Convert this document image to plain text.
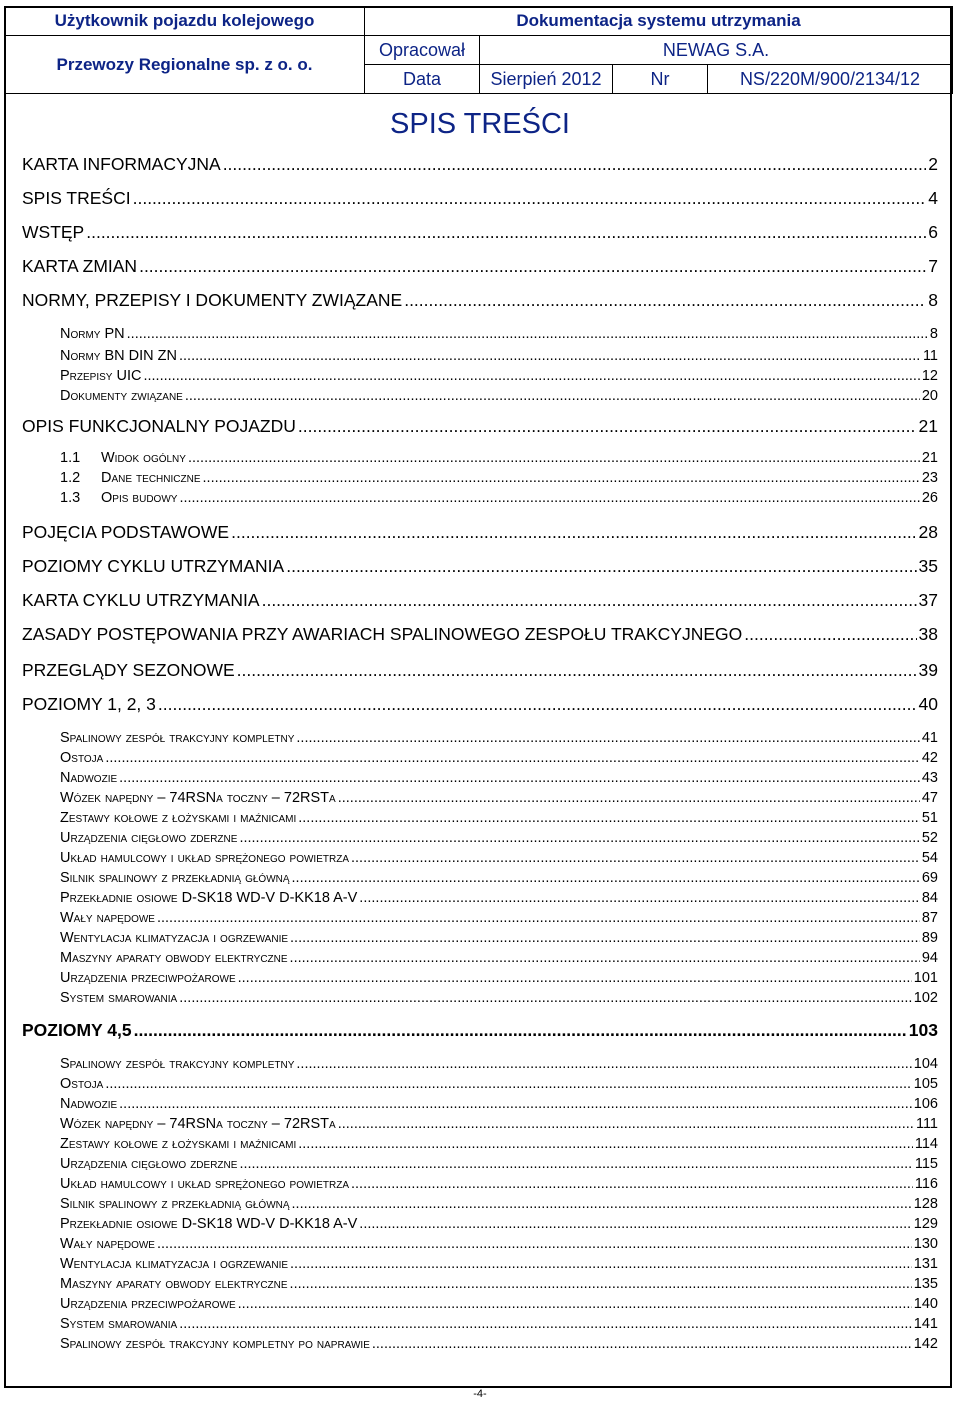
Użytkownik pojazdu kolejowego	Dokumentacja systemu utrzymania			
Przewozy Regionalne sp. z o. o.	Opracował	NEWAG S.A.		
	Data	Sierpień 2012	Nr	NS/220M/900/2134/12
SPIS TREŚCI
KARTA INFORMACYJNA .....	2
SPIS TREŚCI .....	4
WSTĘP .....	6
KARTA ZMIAN .....	7
NORMY, PRZEPISY I DOKUMENTY ZWIĄZANE .....	8
Normy PN .....	8
Normy BN DIN ZN .....	11
Przepisy UIC .....	12
Dokumenty związane .....	20
OPIS FUNKCJONALNY POJAZDU .....	21
1.1 Widok ogólny .....	21
1.2 Dane techniczne .....	23
1.3 Opis budowy .....	26
POJĘCIA PODSTAWOWE .....	28
POZIOMY CYKLU UTRZYMANIA .....	35
KARTA CYKLU UTRZYMANIA .....	37
ZASADY POSTĘPOWANIA PRZY AWARIACH SPALINOWEGO ZESPOŁU TRAKCYJNEGO .....	38
PRZEGLĄDY SEZONOWE .....	39
POZIOMY 1, 2, 3 .....	40
Spalinowy zespół trakcyjny kompletny .....	41
Ostoja .....	42
Nadwozie .....	43
Wózek napędny – 74RSNa toczny – 72RSTa .....	47
Zestawy kołowe z łożyskami i maźnicami .....	51
Urządzenia cięgłowo zderzne .....	52
Układ hamulcowy i układ sprężonego powietrza .....	54
Silnik spalinowy z przekładnią główną .....	69
Przekładnie osiowe D-SK18 WD-V D-KK18 A-V .....	84
Wały napędowe .....	87
Wentylacja klimatyzacja i ogrzewanie .....	89
Maszyny aparaty obwody elektryczne .....	94
Urządzenia przeciwpożarowe .....	101
System smarowania .....	102
POZIOMY 4,5 .....	103
Spalinowy zespół trakcyjny kompletny .....	104
Ostoja .....	105
Nadwozie .....	106
Wózek napędny – 74RSNa toczny – 72RSTa .....	111
Zestawy kołowe z łożyskami i maźnicami .....	114
Urządzenia cięgłowo zderzne .....	115
Układ hamulcowy i układ sprężonego powietrza .....	116
Silnik spalinowy z przekładnią główną .....	128
Przekładnie osiowe D-SK18 WD-V D-KK18 A-V .....	129
Wały napędowe .....	130
Wentylacja klimatyzacja i ogrzewanie .....	131
Maszyny aparaty obwody elektryczne .....	135
Urządzenia przeciwpożarowe .....	140
System smarowania .....	141
Spalinowy zespół trakcyjny kompletny po naprawie .....	142
-4-
